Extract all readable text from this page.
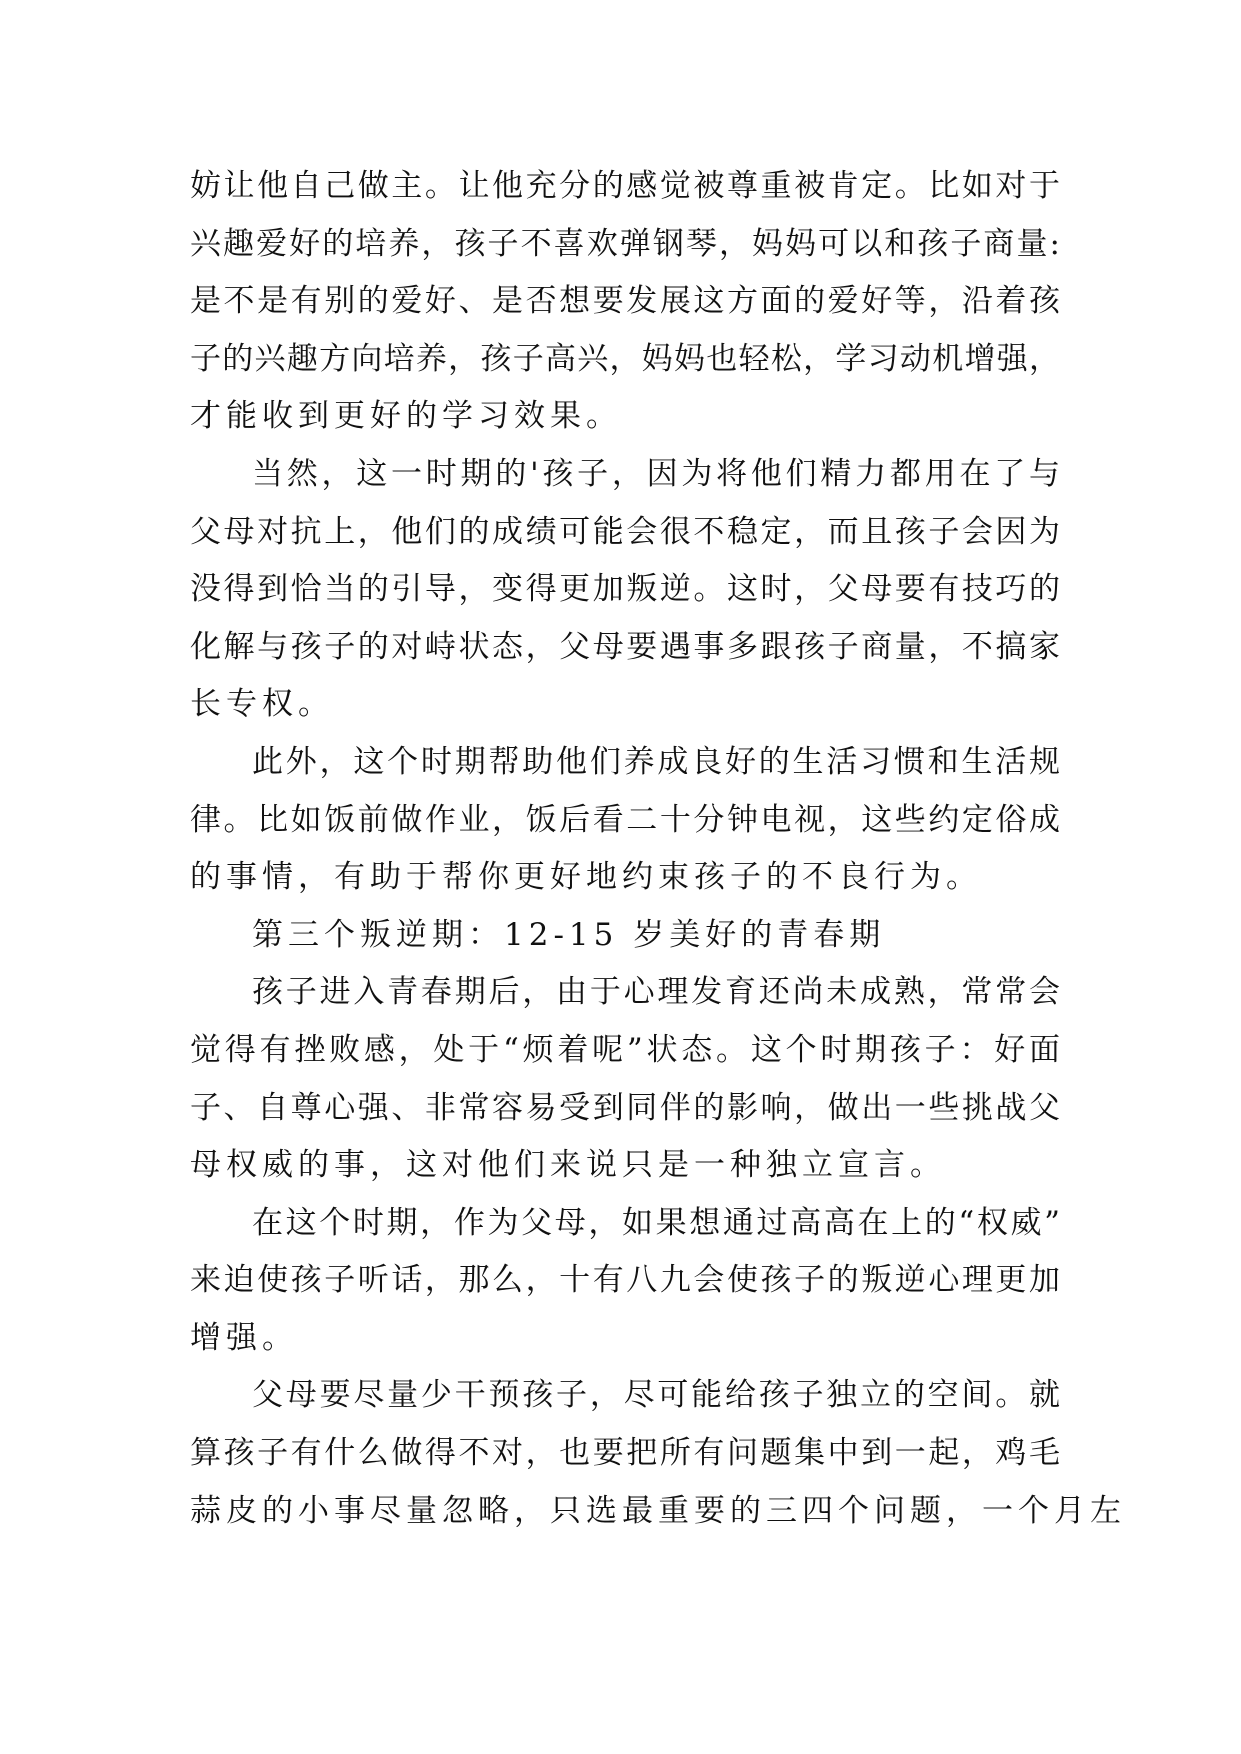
妨让他自己做主。让他充分的感觉被尊重被肯定。比如对于
兴趣爱好的培养，孩子不喜欢弹钢琴，妈妈可以和孩子商量:
是不是有别的爱好、是否想要发展这方面的爱好等，沿着孩
子的兴趣方向培养，孩子高兴，妈妈也轻松，学习动机增强，
才能收到更好的学习效果。
当然，这一时期的'孩子，因为将他们精力都用在了与
父母对抗上，他们的成绩可能会很不稳定，而且孩子会因为
没得到恰当的引导，变得更加叛逆。这时，父母要有技巧的
化解与孩子的对峙状态，父母要遇事多跟孩子商量，不搞家
长专权。
此外，这个时期帮助他们养成良好的生活习惯和生活规
律。比如饭前做作业，饭后看二十分钟电视，这些约定俗成
的事情，有助于帮你更好地约束孩子的不良行为。
第三个叛逆期：12-15 岁美好的青春期
孩子进入青春期后，由于心理发育还尚未成熟，常常会
觉得有挫败感，处于“烦着呢”状态。这个时期孩子：好面
子、自尊心强、非常容易受到同伴的影响，做出一些挑战父
母权威的事，这对他们来说只是一种独立宣言。
在这个时期，作为父母，如果想通过高高在上的“权威”
来迫使孩子听话，那么，十有八九会使孩子的叛逆心理更加
增强。
父母要尽量少干预孩子，尽可能给孩子独立的空间。就
算孩子有什么做得不对，也要把所有问题集中到一起，鸡毛
蒜皮的小事尽量忽略，只选最重要的三四个问题，一个月左
